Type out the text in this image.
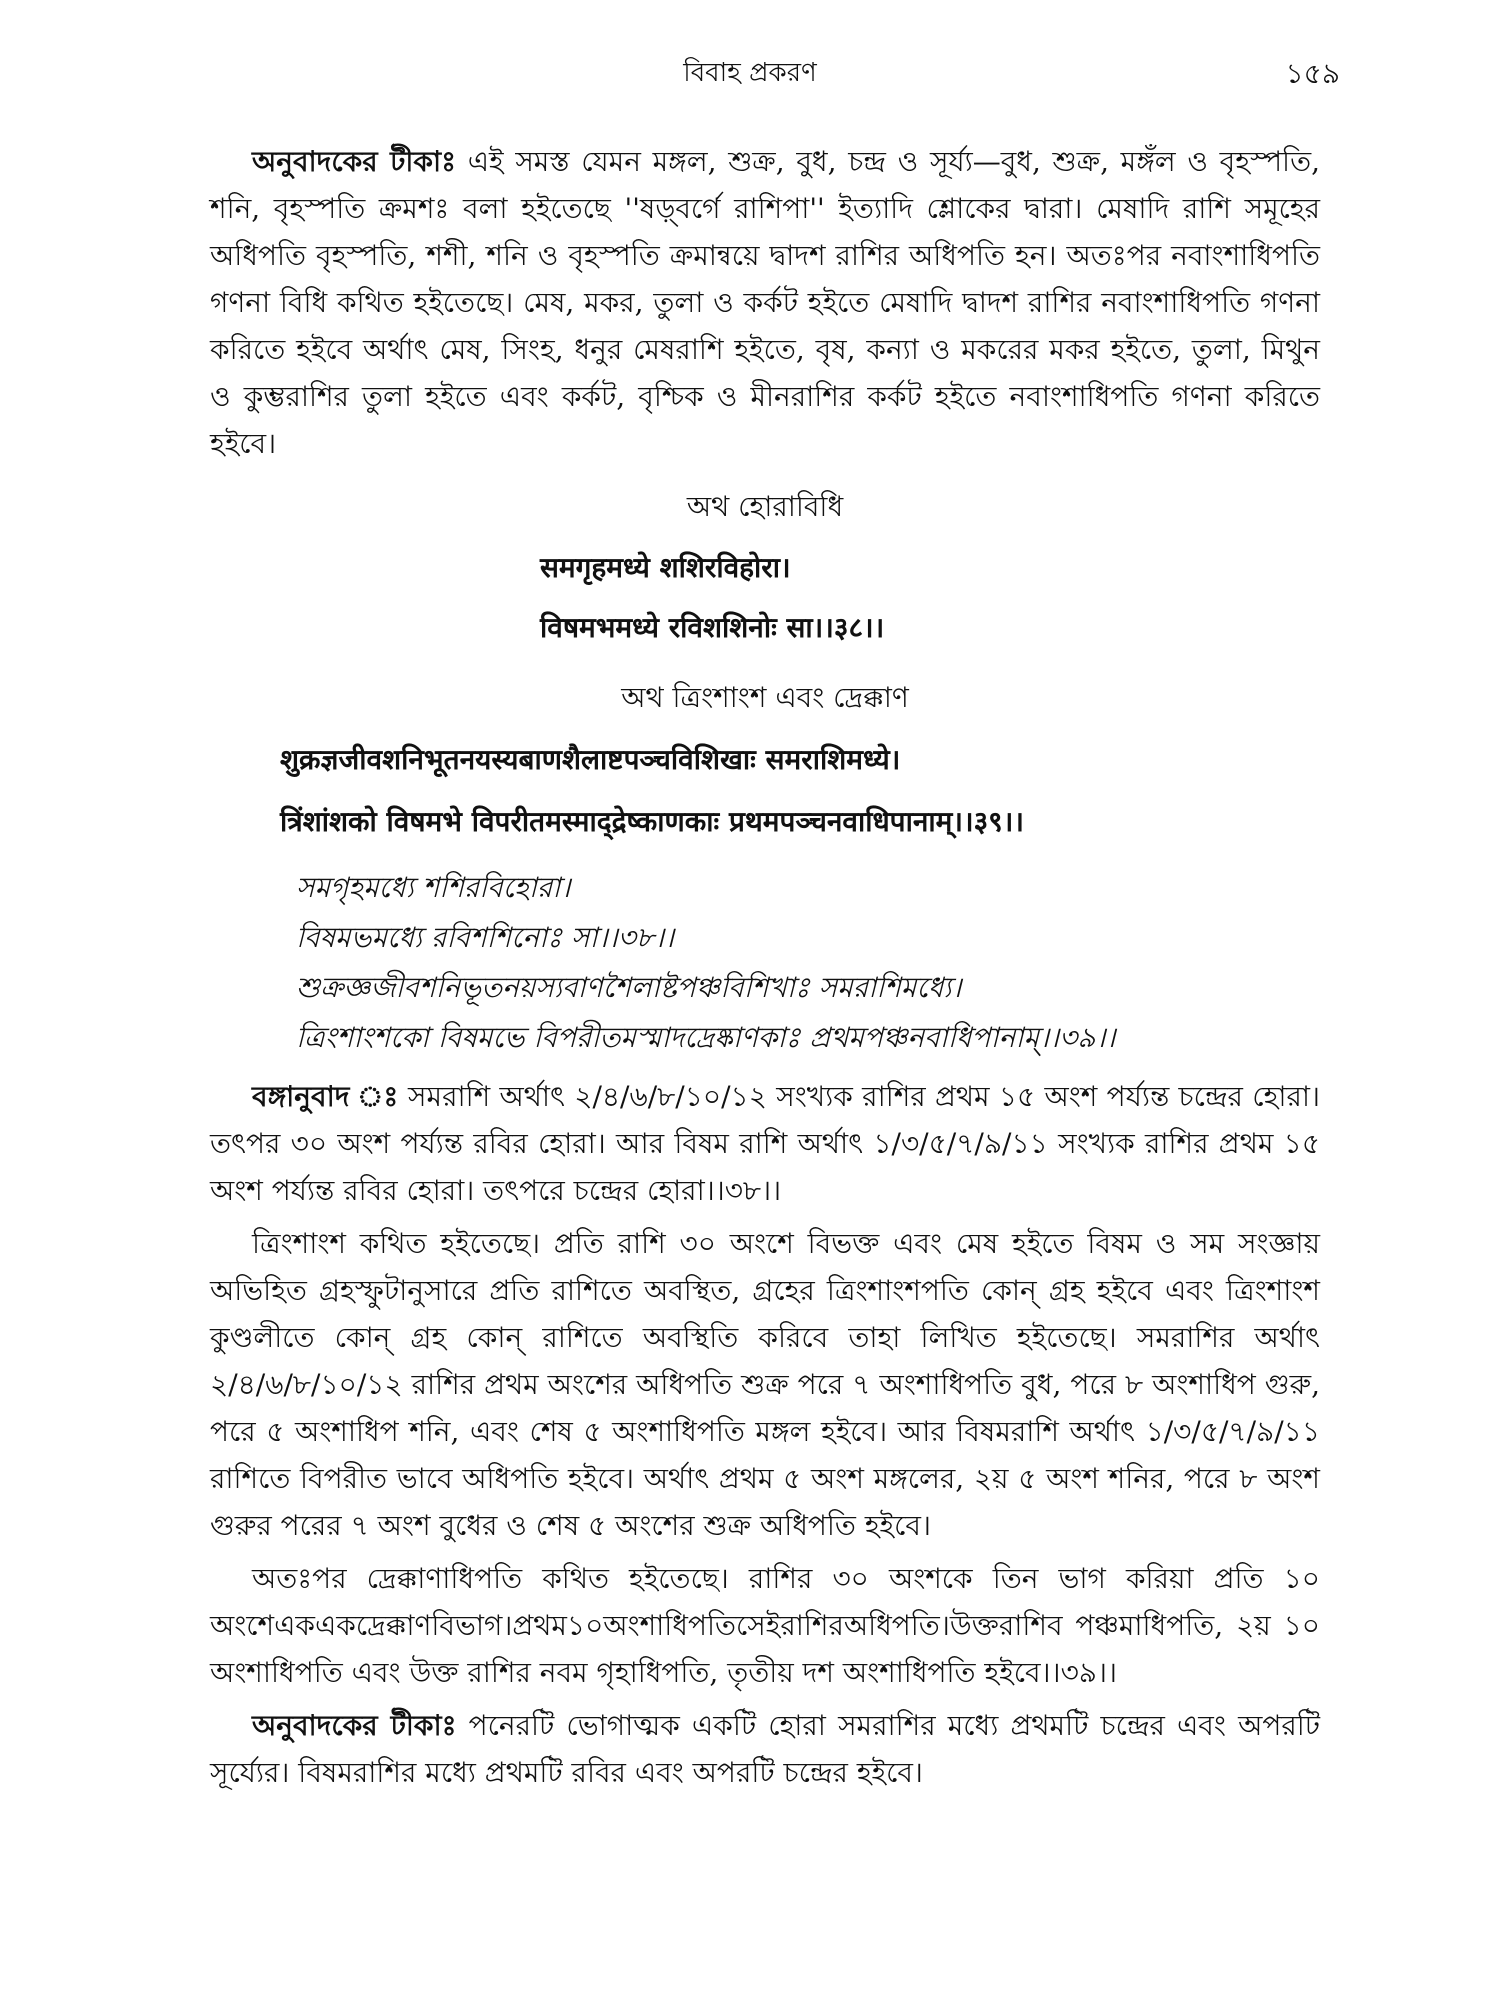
বিবাহ প্রকরণ	১৫৯

অনুবাদকের টীকাঃ এই সমস্ত যেমন মঙ্গল, শুক্র, বুধ, চন্দ্র ও সূর্য্য—বুধ, শুক্র, মঙ্গঁল ও বৃহস্পতি, শনি, বৃহস্পতি ক্রমশঃ বলা হইতেছে ''ষড়্‌বর্গে রাশিপা'' ইত্যাদি শ্লোকের দ্বারা। মেষাদি রাশি সমূহের অধিপতি বৃহস্পতি, শশী, শনি ও বৃহস্পতি ক্রমান্বয়ে দ্বাদশ রাশির অধিপতি হন। অতঃপর নবাংশাধিপতি গণনা বিধি কথিত হইতেছে। মেষ, মকর, তুলা ও কর্কট হইতে মেষাদি দ্বাদশ রাশির নবাংশাধিপতি গণনা করিতে হইবে অর্থাৎ মেষ, সিংহ, ধনুর মেষরাশি হইতে, বৃষ, কন্যা ও মকরের মকর হইতে, তুলা, মিথুন ও কুম্ভরাশির তুলা হইতে এবং কর্কট, বৃশ্চিক ও মীনরাশির কর্কট হইতে নবাংশাধিপতি গণনা করিতে হইবে।

অথ হোরাবিধি

समगृहमध्ये शशिरविहोरा।

विषमभमध्ये रविशशिनोः सा।।३८।।

অথ ত্রিংশাংশ এবং দ্রেক্কাণ

शुक्रज्ञजीवशनिभूतनयस्यबाणशैलाष्टपञ्चविशिखाः समराशिमध्ये।

त्रिंशांशको विषमभे विपरीतमस्माद्द्रेष्काणकाः प्रथमपञ्चनवाधिपानाम्।।३९।।

সমগৃহমধ্যে শশিরবিহোরা।

বিষমভমধ্যে রবিশশিনোঃ সা।।৩৮।।

শুক্রজ্ঞজীবশনিভূতনয়স্যবাণশৈলাষ্টপঞ্চবিশিখাঃ সমরাশিমধ্যে।

ত্রিংশাংশকো বিষমভে বিপরীতমস্মাদদ্রেষ্কাণকাঃ প্রথমপঞ্চনবাধিপানাম্‌।।৩৯।।

বঙ্গানুবাদ ঃ সমরাশি অর্থাৎ ২/৪/৬/৮/১০/১২ সংখ্যক রাশির প্রথম ১৫ অংশ পর্য্যন্ত চন্দ্রের হোরা। তৎপর ৩০ অংশ পর্য্যন্ত রবির হোরা। আর বিষম রাশি অর্থাৎ ১/৩/৫/৭/৯/১১ সংখ্যক রাশির প্রথম ১৫ অংশ পর্য্যন্ত রবির হোরা। তৎপরে চন্দ্রের হোরা।।৩৮।।

ত্রিংশাংশ কথিত হইতেছে। প্রতি রাশি ৩০ অংশে বিভক্ত এবং মেষ হইতে বিষম ও সম সংজ্ঞায় অভিহিত গ্রহস্ফুটানুসারে প্রতি রাশিতে অবস্থিত, গ্রহের ত্রিংশাংশপতি কোন্‌ গ্রহ হইবে এবং ত্রিংশাংশ কুণ্ডলীতে কোন্‌ গ্রহ কোন্‌ রাশিতে অবস্থিতি করিবে তাহা লিখিত হইতেছে। সমরাশির অর্থাৎ ২/৪/৬/৮/১০/১২ রাশির প্রথম অংশের অধিপতি শুক্র পরে ৭ অংশাধিপতি বুধ, পরে ৮ অংশাধিপ গুরু, পরে ৫ অংশাধিপ শনি, এবং শেষ ৫ অংশাধিপতি মঙ্গল হইবে। আর বিষমরাশি অর্থাৎ ১/৩/৫/৭/৯/১১ রাশিতে বিপরীত ভাবে অধিপতি হইবে। অর্থাৎ প্রথম ৫ অংশ মঙ্গলের, ২য় ৫ অংশ শনির, পরে ৮ অংশ গুরুর পরের ৭ অংশ বুধের ও শেষ ৫ অংশের শুক্র অধিপতি হইবে।

অতঃপর দ্রেক্কাণাধিপতি কথিত হইতেছে। রাশির ৩০ অংশকে তিন ভাগ করিয়া প্রতি ১০ অংশেএকএকদ্রেক্কাণবিভাগ।প্রথম১০অংশাধিপতিসেইরাশিরঅধিপতি।উক্তরাশিব পঞ্চমাধিপতি, ২য় ১০ অংশাধিপতি এবং উক্ত রাশির নবম গৃহাধিপতি, তৃতীয় দশ অংশাধিপতি হইবে।।৩৯।।

অনুবাদকের টীকাঃ পনেরটি ভোগাত্মক একটি হোরা সমরাশির মধ্যে প্রথমটি চন্দ্রের এবং অপরটি সূর্য্যের। বিষমরাশির মধ্যে প্রথমটি রবির এবং অপরটি চন্দ্রের হইবে।
